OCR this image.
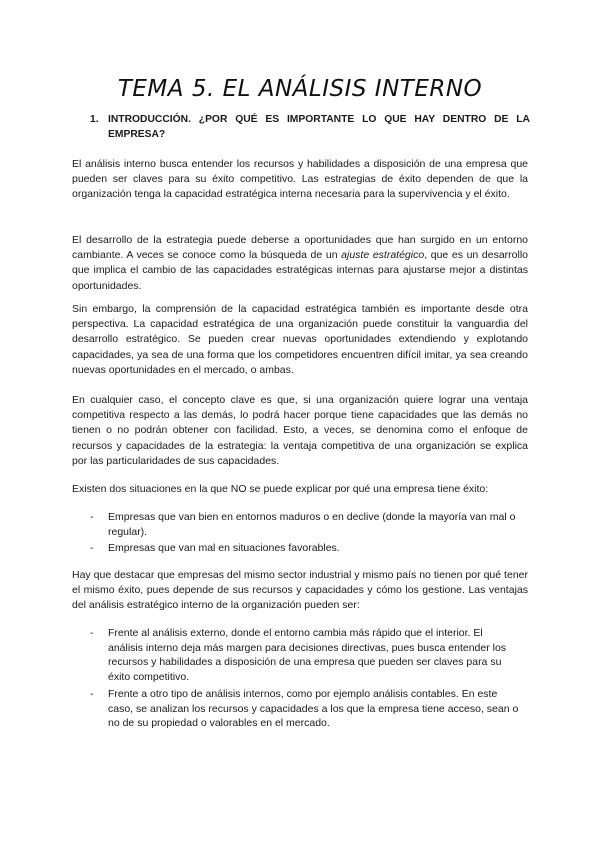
TEMA 5. EL ANÁLISIS INTERNO
1. INTRODUCCIÓN. ¿POR QUÉ ES IMPORTANTE LO QUE HAY DENTRO DE LA EMPRESA?

El análisis interno busca entender los recursos y habilidades a disposición de una empresa que pueden ser claves para su éxito competitivo. Las estrategias de éxito dependen de que la organización tenga la capacidad estratégica interna necesaria para la supervivencia y el éxito.

El desarrollo de la estrategia puede deberse a oportunidades que han surgido en un entorno cambiante. A veces se conoce como la búsqueda de un ajuste estratégico, que es un desarrollo que implica el cambio de las capacidades estratégicas internas para ajustarse mejor a distintas oportunidades.

Sin embargo, la comprensión de la capacidad estratégica también es importante desde otra perspectiva. La capacidad estratégica de una organización puede constituir la vanguardia del desarrollo estratégico. Se pueden crear nuevas oportunidades extendiendo y explotando capacidades, ya sea de una forma que los competidores encuentren difícil imitar, ya sea creando nuevas oportunidades en el mercado, o ambas.

En cualquier caso, el concepto clave es que, si una organización quiere lograr una ventaja competitiva respecto a las demás, lo podrá hacer porque tiene capacidades que las demás no tienen o no podrán obtener con facilidad. Esto, a veces, se denomina como el enfoque de recursos y capacidades de la estrategia: la ventaja competitiva de una organización se explica por las particularidades de sus capacidades.

Existen dos situaciones en la que NO se puede explicar por qué una empresa tiene éxito:

- Empresas que van bien en entornos maduros o en declive (donde la mayoría van mal o regular).
- Empresas que van mal en situaciones favorables.

Hay que destacar que empresas del mismo sector industrial y mismo país no tienen por qué tener el mismo éxito, pues depende de sus recursos y capacidades y cómo los gestione. Las ventajas del análisis estratégico interno de la organización pueden ser:

- Frente al análisis externo, donde el entorno cambia más rápido que el interior. El análisis interno deja más margen para decisiones directivas, pues busca entender los recursos y habilidades a disposición de una empresa que pueden ser claves para su éxito competitivo.
- Frente a otro tipo de análisis internos, como por ejemplo análisis contables. En este caso, se analizan los recursos y capacidades a los que la empresa tiene acceso, sean o no de su propiedad o valorables en el mercado.
